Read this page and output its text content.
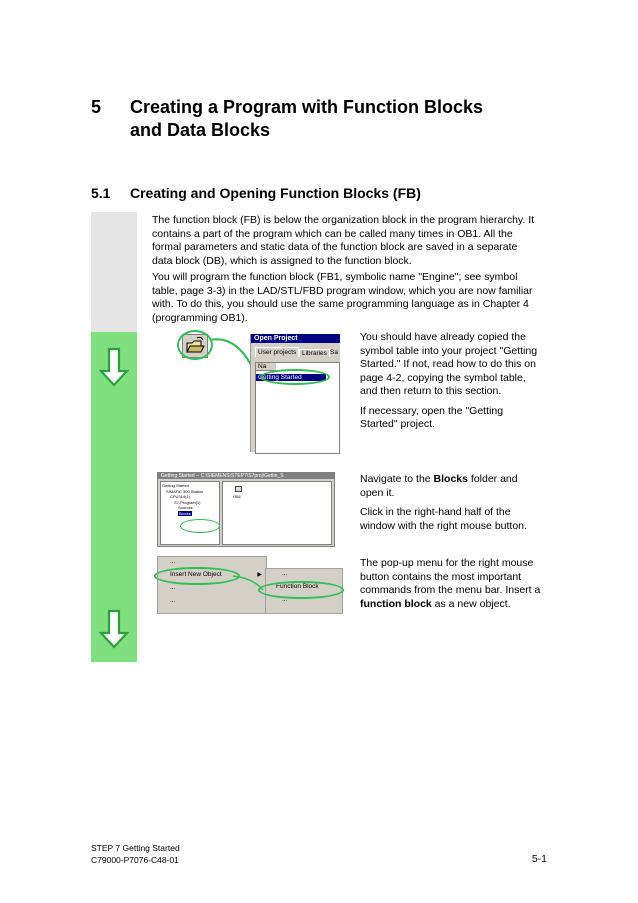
5 Creating a Program with Function Blocks
and Data Blocks
5.1 Creating and Opening Function Blocks (FB)
The function block (FB) is below the organization block in the program hierarchy. It
contains a part of the program which can be called many times in OB1. All the
formal parameters and static data of the function block are saved in a separate
data block (DB), which is assigned to the function block.
You will program the function block (FB1, symbolic name "Engine"; see symbol
table, page 3-3) in the LAD/STL/FBD program window, which you are now familiar
with. To do this, you should use the same programming language as in Chapter 4
(programming OB1).
Open Project
User projects Libraries Sa
Na
Getting Started

You should have already copied the
symbol table into your project "Getting
Started." If not, read how to do this on
page 4-2, copying the symbol table,
and then return to this section.

If necessary, open the "Getting
Started" project.

Getting Started -- C:\SIEMENS\STEP7\S7proj\Gettin_S
Getting Started
SIMATIC 300 Station
CPU314(1)
S7-Program(1)
Sources
Blocks
OB1

Navigate to the Blocks folder and
open it.

Click in the right-hand half of the
window with the right mouse button.

...
Insert New Object	▶
...
...
...
Function Block
...
The pop-up menu for the right mouse
button contains the most important
commands from the menu bar. Insert a
function block as a new object.
STEP 7 Getting Started
C79000-P7076-C48-01	5-1
